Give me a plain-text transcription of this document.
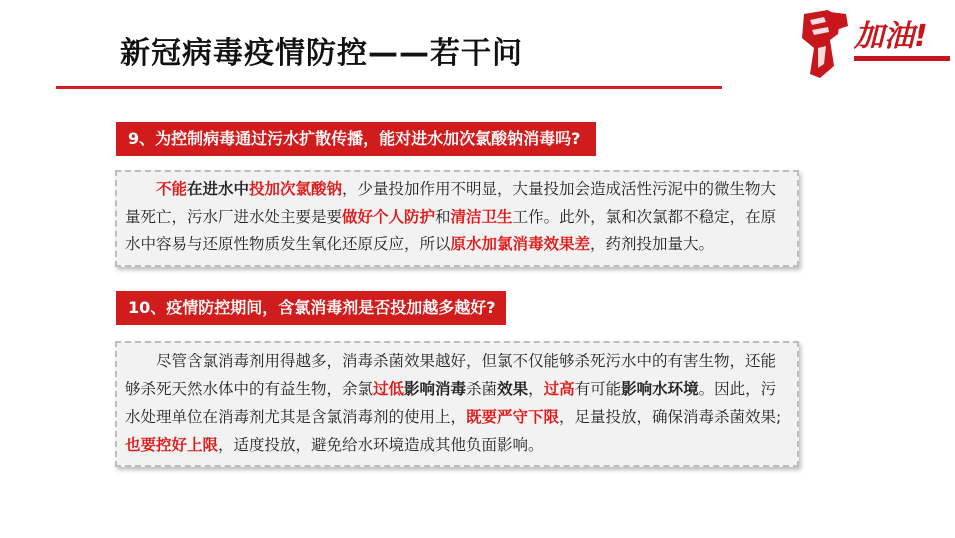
新冠病毒疫情防控——若干问	加油!
9、为控制病毒通过污水扩散传播，能对进水加次氯酸钠消毒吗?
  不能在进水中投加次氯酸钠，少量投加作用不明显，大量投加会造成活性污泥中的微生物大量死亡，污水厂进水处主要是要做好个人防护和清洁卫生工作。此外，氯和次氯都不稳定，在原水中容易与还原性物质发生氧化还原反应，所以原水加氯消毒效果差，药剂投加量大。
10、疫情防控期间，含氯消毒剂是否投加越多越好?
  尽管含氯消毒剂用得越多，消毒杀菌效果越好，但氯不仅能够杀死污水中的有害生物，还能够杀死天然水体中的有益生物，余氯过低影响消毒杀菌效果，过高有可能影响水环境。因此，污水处理单位在消毒剂尤其是含氯消毒剂的使用上，既要严守下限，足量投放，确保消毒杀菌效果;也要控好上限，适度投放，避免给水环境造成其他负面影响。
